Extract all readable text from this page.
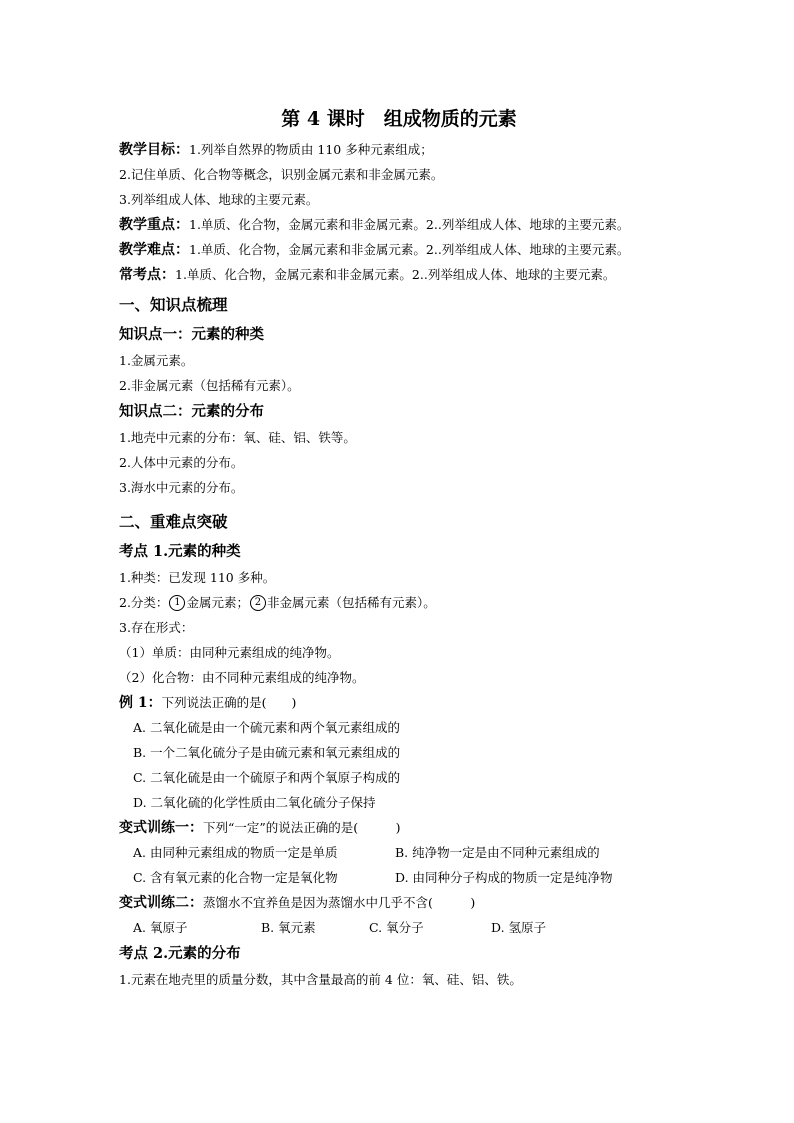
第 4 课时　组成物质的元素
教学目标：1.列举自然界的物质由 110 多种元素组成；
2.记住单质、化合物等概念，识别金属元素和非金属元素。
3.列举组成人体、地球的主要元素。
教学重点：1.单质、化合物，金属元素和非金属元素。2..列举组成人体、地球的主要元素。
教学难点：1.单质、化合物，金属元素和非金属元素。2..列举组成人体、地球的主要元素。
常考点：1.单质、化合物，金属元素和非金属元素。2..列举组成人体、地球的主要元素。
一、知识点梳理
知识点一：元素的种类
1.金属元素。
2.非金属元素（包括稀有元素）。
知识点二：元素的分布
1.地壳中元素的分布：氧、硅、铝、铁等。
2.人体中元素的分布。
3.海水中元素的分布。
二、重难点突破
考点 1.元素的种类
1.种类：已发现 110 多种。
2.分类： 1 金属元素； 2 非金属元素（包括稀有元素）。
3.存在形式：
（1）单质：由同种元素组成的纯净物。
（2）化合物：由不同种元素组成的纯净物。
例 1：下列说法正确的是(　　)
A. 二氧化硫是由一个硫元素和两个氧元素组成的
B. 一个二氧化硫分子是由硫元素和氧元素组成的
C. 二氧化硫是由一个硫原子和两个氧原子构成的
D. 二氧化硫的化学性质由二氧化硫分子保持
变式训练一：下列“一定”的说法正确的是(　　　)
A. 由同种元素组成的物质一定是单质	B. 纯净物一定是由不同种元素组成的
C. 含有氧元素的化合物一定是氧化物	D. 由同种分子构成的物质一定是纯净物
变式训练二：蒸馏水不宜养鱼是因为蒸馏水中几乎不含(　　　)
A. 氧原子	B. 氧元素	C. 氧分子	D. 氢原子
考点 2.元素的分布
1.元素在地壳里的质量分数，其中含量最高的前 4 位：氧、硅、铝、铁。
